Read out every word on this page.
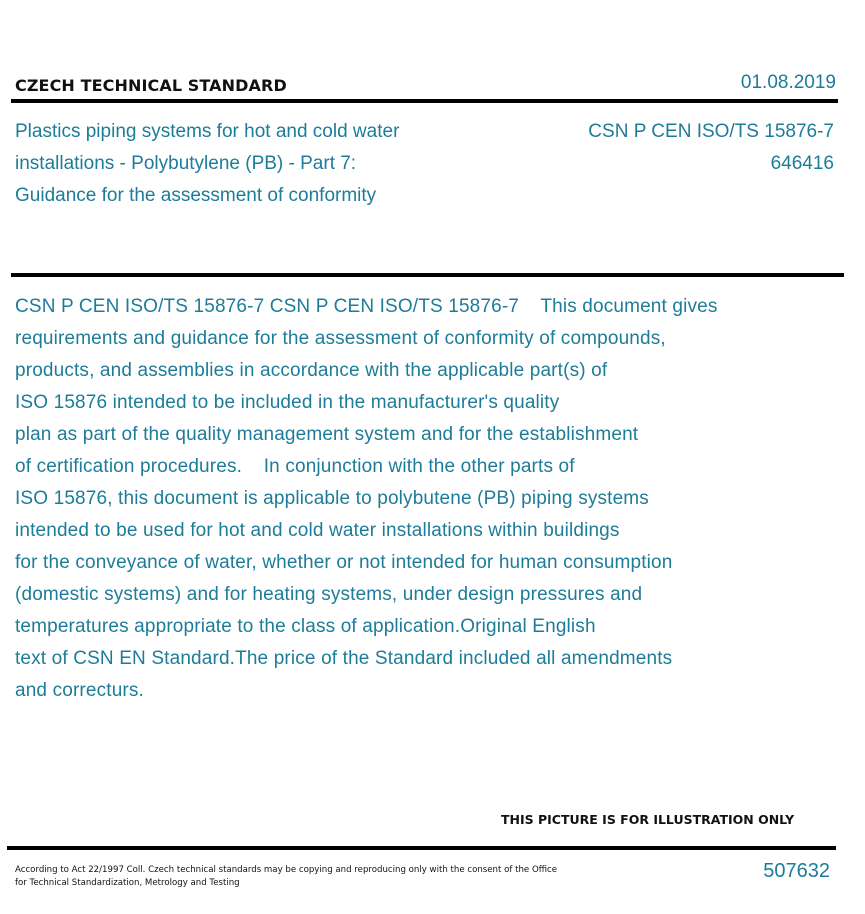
CZECH TECHNICAL STANDARD	01.08.2019
Plastics piping systems for hot and cold water
installations - Polybutylene (PB) - Part 7:
Guidance for the assessment of conformity
CSN P CEN ISO/TS 15876-7
646416
CSN P CEN ISO/TS 15876-7 CSN P CEN ISO/TS 15876-7    This document gives
requirements and guidance for the assessment of conformity of compounds,
products, and assemblies in accordance with the applicable part(s) of
ISO 15876 intended to be included in the manufacturer's quality
plan as part of the quality management system and for the establishment
of certification procedures.    In conjunction with the other parts of
ISO 15876, this document is applicable to polybutene (PB) piping systems
intended to be used for hot and cold water installations within buildings
for the conveyance of water, whether or not intended for human consumption
(domestic systems) and for heating systems, under design pressures and
temperatures appropriate to the class of application.Original English
text of CSN EN Standard.The price of the Standard included all amendments
and correcturs.
THIS PICTURE IS FOR ILLUSTRATION ONLY
According to Act 22/1997 Coll. Czech technical standards may be copying and reproducing only with the consent of the Office
for Technical Standardization, Metrology and Testing
507632
